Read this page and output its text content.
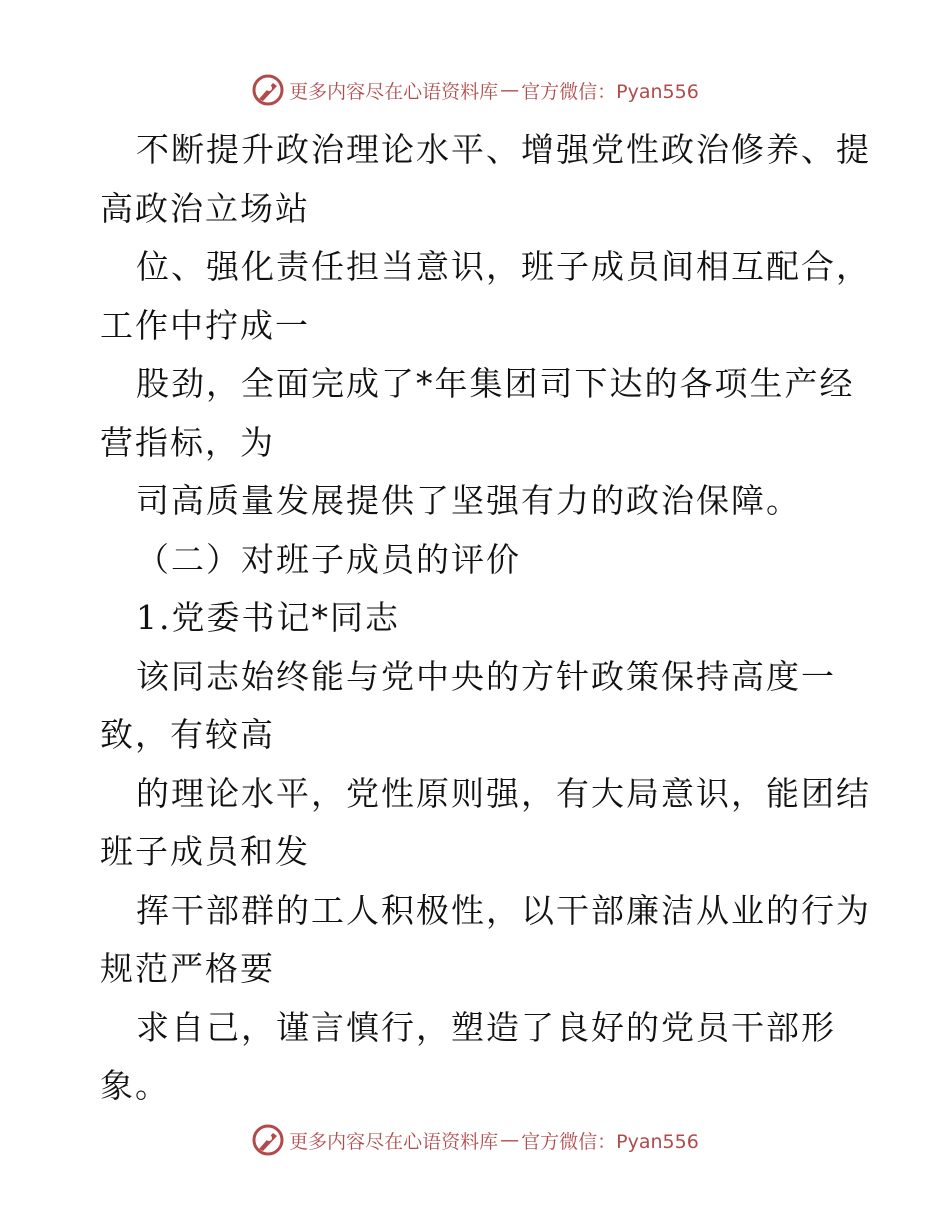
更多内容尽在心语资料库 — 官方微信：Pyan556
不断提升政治理论水平、增强党性政治修养、提
高政治立场站
位、强化责任担当意识，班子成员间相互配合，
工作中拧成一
股劲，全面完成了*年集团司下达的各项生产经
营指标，为
司高质量发展提供了坚强有力的政治保障。
（二）对班子成员的评价
1.党委书记*同志
该同志始终能与党中央的方针政策保持高度一
致，有较高
的理论水平，党性原则强，有大局意识，能团结
班子成员和发
挥干部群的工人积极性，以干部廉洁从业的行为
规范严格要
求自己，谨言慎行，塑造了良好的党员干部形
象。
更多内容尽在心语资料库 — 官方微信：Pyan556
